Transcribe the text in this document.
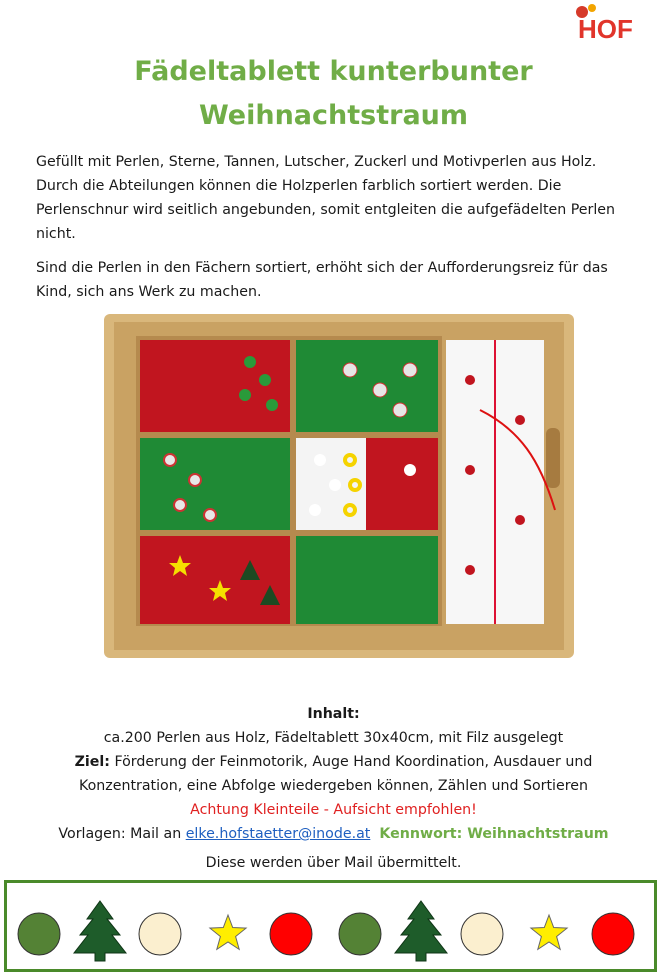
HOF
Fädeltablett kunterbunter
Weihnachtstraum

Gefüllt mit Perlen, Sterne, Tannen, Lutscher, Zuckerl und Motivperlen aus Holz. Durch die Abteilungen können die Holzperlen farblich sortiert werden. Die Perlenschnur wird seitlich angebunden, somit entgleiten die aufgefädelten Perlen nicht.

Sind die Perlen in den Fächern sortiert, erhöht sich der Aufforderungsreiz für das Kind, sich ans Werk zu machen.

Inhalt:
ca.200 Perlen aus Holz, Fädeltablett 30x40cm, mit Filz ausgelegt
Ziel: Förderung der Feinmotorik, Auge Hand Koordination, Ausdauer und
Konzentration, eine Abfolge wiedergeben können, Zählen und Sortieren
Achtung Kleinteile - Aufsicht empfohlen!
Vorlagen: Mail an elke.hofstaetter@inode.at Kennwort: Weihnachtstraum
Diese werden über Mail übermittelt.
